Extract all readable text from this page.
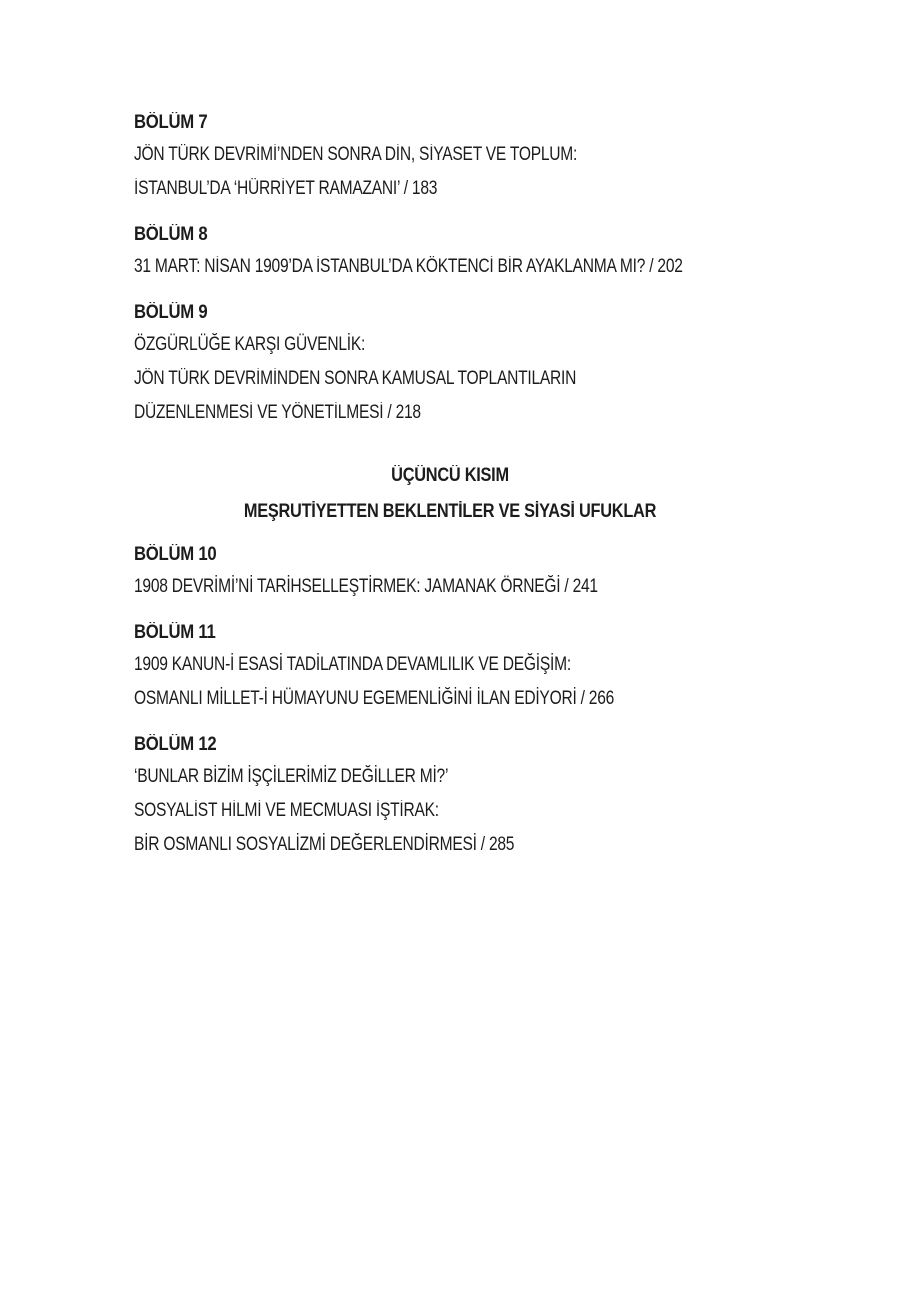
BÖLÜM 7
JÖN TÜRK DEVRİMİ’NDEN SONRA DİN, SİYASET VE TOPLUM:
İSTANBUL’DA ‘HÜRRİYET RAMAZANI’ / 183
BÖLÜM 8
31 MART: NİSAN 1909’DA İSTANBUL’DA KÖKTENCİ BİR AYAKLANMA MI? / 202
BÖLÜM 9
ÖZGÜRLÜĞE KARŞI GÜVENLİK:
JÖN TÜRK DEVRİMİNDEN SONRA KAMUSAL TOPLANTILARIN
DÜZENLENMESİ VE YÖNETİLMESİ / 218
ÜÇÜNCÜ KISIM
MEŞRUTİYETTEN BEKLENTİLER VE SİYASİ UFUKLAR
BÖLÜM 10
1908 DEVRİMİ’Nİ TARİHSELLEŞTİRMEK: JAMANAK ÖRNEĞİ / 241
BÖLÜM 11
1909 KANUN-İ ESASİ TADİLATINDA DEVAMLILIK VE DEĞİŞİM:
OSMANLI MİLLET-İ HÜMAYUNU EGEMENLİĞİNİ İLAN EDİYORİ / 266
BÖLÜM 12
‘BUNLAR BİZİM İŞÇİLERİMİZ DEĞİLLER Mİ?’
SOSYALİST HİLMİ VE MECMUASI İŞTİRAK:
BİR OSMANLI SOSYALİZMİ DEĞERLENDİRMESİ / 285
